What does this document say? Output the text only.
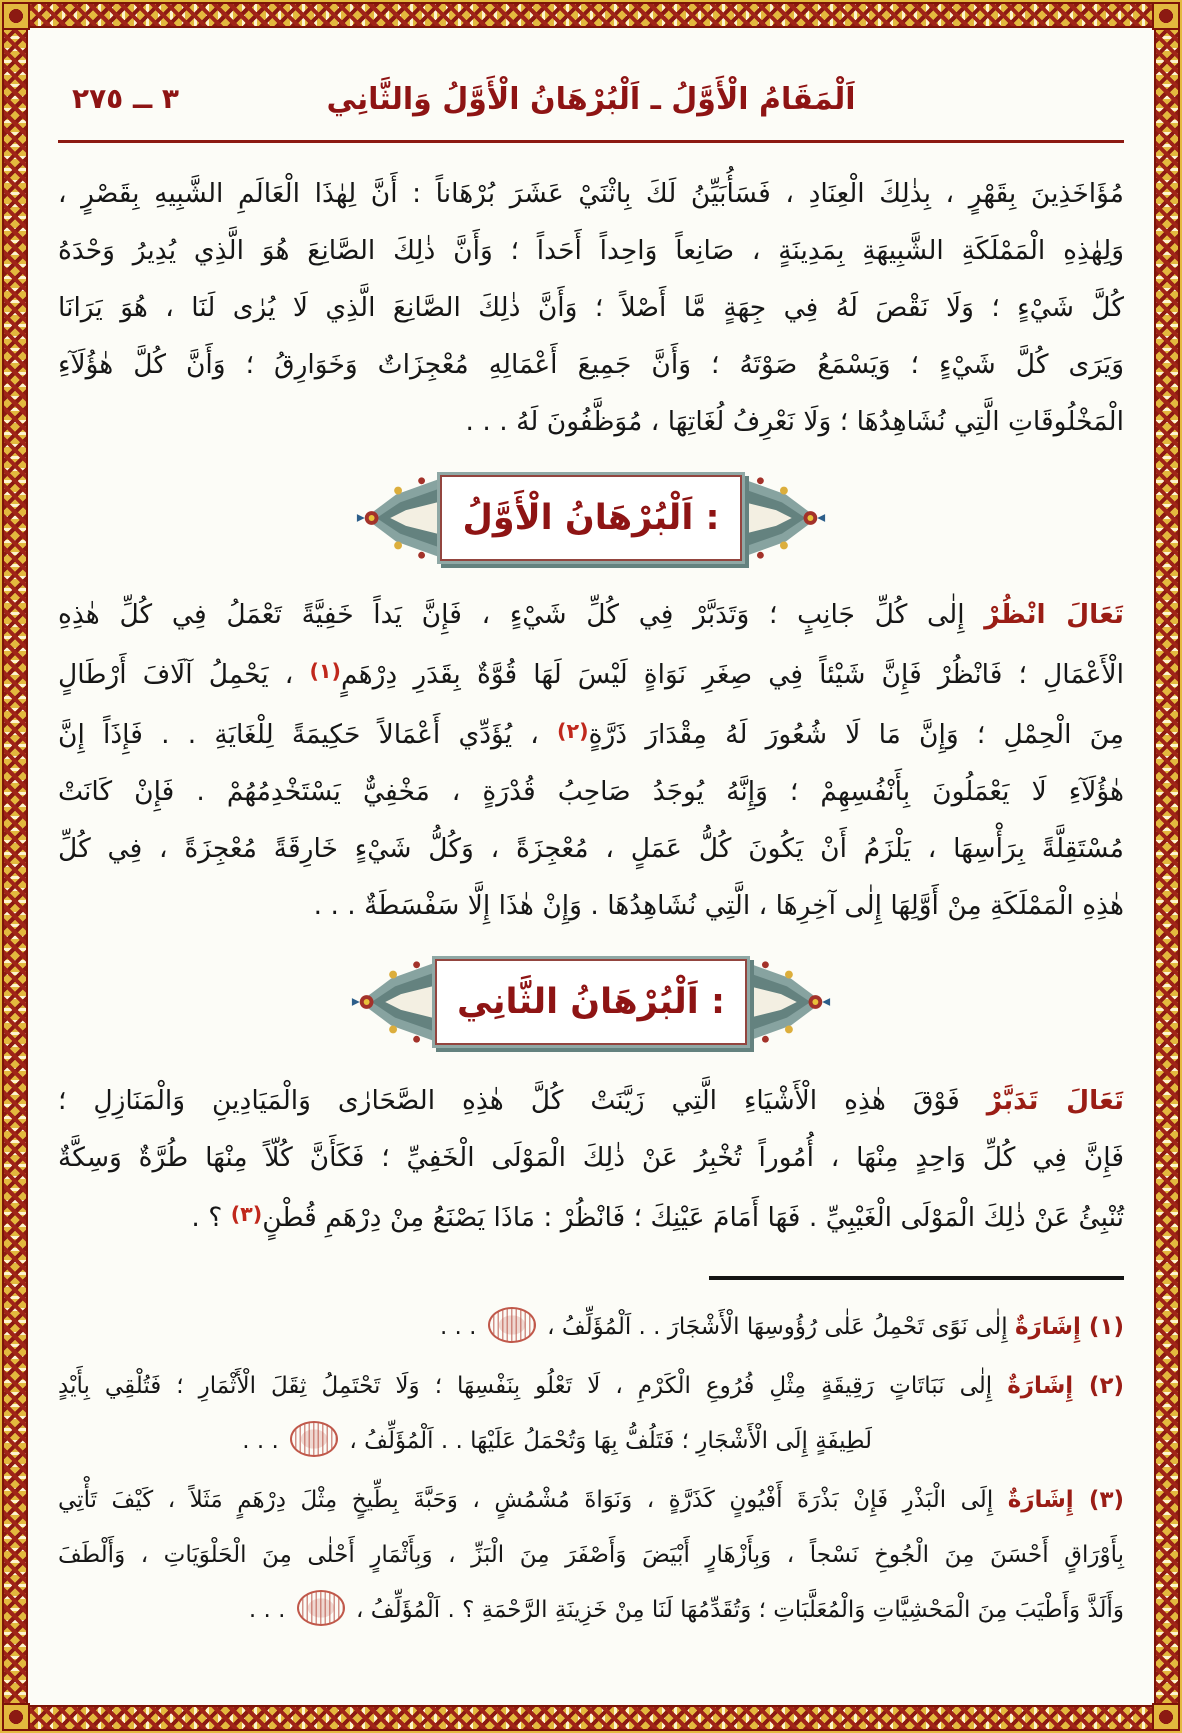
اَلْمَقَامُ الْأَوَّلُ ـ اَلْبُرْهَانُ الْأَوَّلُ وَالثَّانِي
٣ ــ ٢٧٥
مُؤَاخَذِينَ بِقَهْرٍ ، بِذٰلِكَ الْعِنَادِ ، فَسَأُبَيِّنُ لَكَ بِاثْنَيْ عَشَرَ بُرْهَاناً : أَنَّ لِهٰذَا الْعَالَمِ الشَّبِيهِ بِقَصْرٍ ،
وَلِهٰذِهِ الْمَمْلَكَةِ الشَّبِيهَةِ بِمَدِينَةٍ ، صَانِعاً وَاحِداً أَحَداً ؛ وَأَنَّ ذٰلِكَ الصَّانِعَ هُوَ الَّذِي يُدِيرُ وَحْدَهُ
كُلَّ شَيْءٍ ؛ وَلَا نَقْصَ لَهُ فِي جِهَةٍ مَّا أَصْلاً ؛ وَأَنَّ ذٰلِكَ الصَّانِعَ الَّذِي لَا يُرٰى لَنَا ، هُوَ يَرَانَا
وَيَرَى كُلَّ شَيْءٍ ؛ وَيَسْمَعُ صَوْتَهُ ؛ وَأَنَّ جَمِيعَ أَعْمَالِهِ مُعْجِزَاتٌ وَخَوَارِقُ ؛ وَأَنَّ كُلَّ هٰؤُلَآءِ
الْمَخْلُوقَاتِ الَّتِي نُشَاهِدُهَا ؛ وَلَا نَعْرِفُ لُغَاتِهَا ، مُوَظَّفُونَ لَهُ . . .
اَلْبُرْهَانُ الْأَوَّلُ :
تَعَالَ انْظُرْ إِلٰى كُلِّ جَانِبٍ ؛ وَتَدَبَّرْ فِي كُلِّ شَيْءٍ ، فَإِنَّ يَداً خَفِيَّةً تَعْمَلُ فِي كُلِّ هٰذِهِ
الْأَعْمَالِ ؛ فَانْظُرْ فَإِنَّ شَيْئاً فِي صِغَرِ نَوَاةٍ لَيْسَ لَهَا قُوَّةٌ بِقَدَرِ دِرْهَمٍ(١) ، يَحْمِلُ آلَافَ أَرْطَالٍ
مِنَ الْحِمْلِ ؛ وَإِنَّ مَا لَا شُعُورَ لَهُ مِقْدَارَ ذَرَّةٍ(٢) ، يُؤَدِّي أَعْمَالاً حَكِيمَةً لِلْغَايَةِ . . فَإِذَاً إِنَّ
هٰؤُلَآءِ لَا يَعْمَلُونَ بِأَنْفُسِهِمْ ؛ وَإِنَّهُ يُوجَدُ صَاحِبُ قُدْرَةٍ ، مَخْفِيٌّ يَسْتَخْدِمُهُمْ . فَإِنْ كَانَتْ
مُسْتَقِلَّةً بِرَأْسِهَا ، يَلْزَمُ أَنْ يَكُونَ كُلُّ عَمَلٍ ، مُعْجِزَةً ، وَكُلُّ شَيْءٍ خَارِقَةً مُعْجِزَةً ، فِي كُلِّ
هٰذِهِ الْمَمْلَكَةِ مِنْ أَوَّلِهَا إِلٰى آخِرِهَا ، الَّتِي نُشَاهِدُهَا . وَإِنْ هٰذَا إِلَّا سَفْسَطَةٌ . . .
اَلْبُرْهَانُ الثَّانِي :
تَعَالَ تَدَبَّرْ فَوْقَ هٰذِهِ الْأَشْيَاءِ الَّتِي زَيَّنَتْ كُلَّ هٰذِهِ الصَّحَارٰى وَالْمَيَادِينِ وَالْمَنَازِلِ ؛
فَإِنَّ فِي كُلِّ وَاحِدٍ مِنْهَا ، أُمُوراً تُخْبِرُ عَنْ ذٰلِكَ الْمَوْلَى الْخَفِيِّ ؛ فَكَأَنَّ كُلّاً مِنْهَا طُرَّةٌ وَسِكَّةٌ
تُنْبِئُ عَنْ ذٰلِكَ الْمَوْلَى الْغَيْبِيِّ . فَهَا أَمَامَ عَيْنِكَ ؛ فَانْظُرْ : مَاذَا يَصْنَعُ مِنْ دِرْهَمِ قُطْنٍ(٣) ؟ .
(١) إِشَارَةٌ إِلٰى نَوًى تَحْمِلُ عَلٰى رُؤُوسِهَا الْأَشْجَارَ . . اَلْمُؤَلِّفُ ،  . . .
(٢) إِشَارَةٌ إِلٰى نَبَاتَاتٍ رَقِيقَةٍ مِثْلِ فُرُوعِ الْكَرْمِ ، لَا تَعْلُو بِنَفْسِهَا ؛ وَلَا تَحْتَمِلُ ثِقَلَ الْأَثْمَارِ ؛ فَتُلْقِي بِأَيْدٍ
لَطِيفَةٍ إِلَى الْأَشْجَارِ ؛ فَتَلُفُّ بِهَا وَتُحْمَلُ عَلَيْهَا . . اَلْمُؤَلِّفُ ،  . . .
(٣) إِشَارَةٌ إِلَى الْبَذْرِ فَإِنْ بَذْرَةَ أَفْيُونٍ كَذَرَّةٍ ، وَنَوَاةَ مُشْمُشٍ ، وَحَبَّةَ بِطِّيخٍ مِثْلَ دِرْهَمٍ مَثَلاً ، كَيْفَ تَأْتِي
بِأَوْرَاقٍ أَحْسَنَ مِنَ الْجُوخِ نَسْجاً ، وَبِأَزْهَارٍ أَبْيَضَ وَأَصْفَرَ مِنَ الْبَزِّ ، وَبِأَثْمَارٍ أَحْلٰى مِنَ الْحَلْوَيَاتِ ، وَأَلْطَفَ
وَأَلَذَّ وَأَطْيَبَ مِنَ الْمَحْشِيَّاتِ وَالْمُعَلَّبَاتِ ؛ وَتُقَدِّمُهَا لَنَا مِنْ خَزِينَةِ الرَّحْمَةِ ؟ . اَلْمُؤَلِّفُ ،  . . .
